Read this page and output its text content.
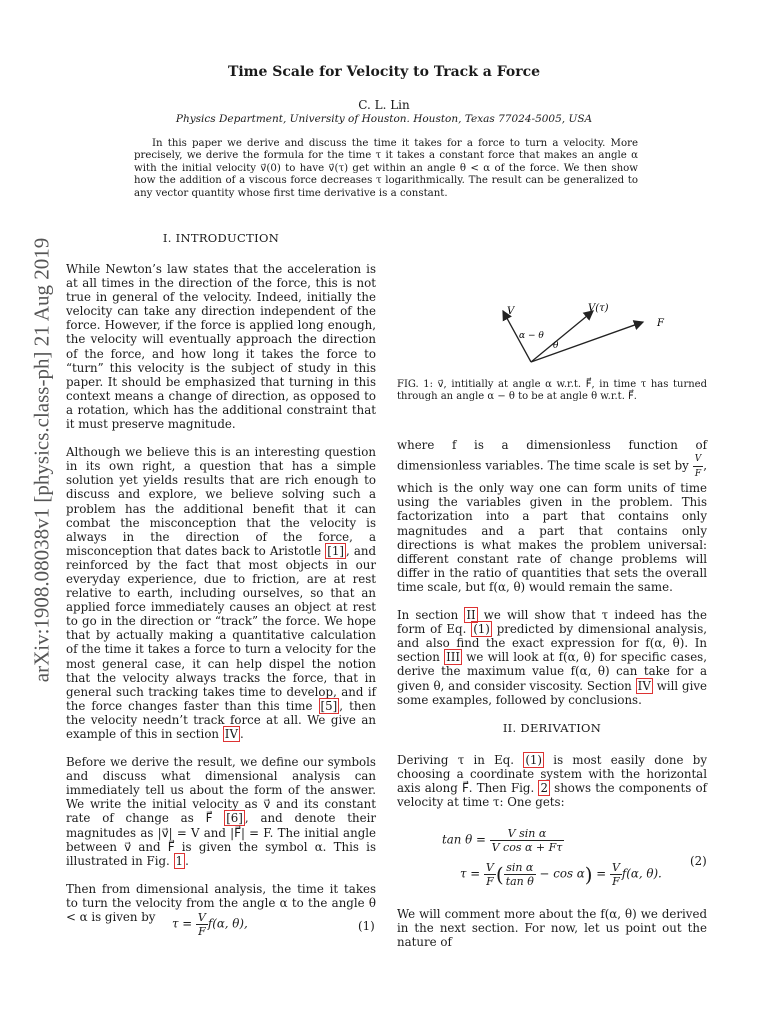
arXiv:1908.08038v1 [physics.class-ph] 21 Aug 2019
Time Scale for Velocity to Track a Force
C. L. Lin
Physics Department, University of Houston. Houston, Texas 77024-5005, USA
In this paper we derive and discuss the time it takes for a force to turn a velocity. More precisely, we derive the formula for the time τ it takes a constant force that makes an angle α with the initial velocity v⃗(0) to have v⃗(τ) get within an angle θ < α of the force. We then show how the addition of a viscous force decreases τ logarithmically. The result can be generalized to any vector quantity whose first time derivative is a constant.
I. INTRODUCTION

While Newton’s law states that the acceleration is at all times in the direction of the force, this is not true in general of the velocity. Indeed, initially the velocity can take any direction independent of the force. However, if the force is applied long enough, the velocity will eventually approach the direction of the force, and how long it takes the force to “turn” this velocity is the subject of study in this paper. It should be emphasized that turning in this context means a change of direction, as opposed to a rotation, which has the additional constraint that it must preserve magnitude.

Although we believe this is an interesting question in its own right, a question that has a simple solution yet yields results that are rich enough to discuss and explore, we believe solving such a problem has the additional benefit that it can combat the misconception that the velocity is always in the direction of the force, a misconception that dates back to Aristotle [1] , and reinforced by the fact that most objects in our everyday experience, due to friction, are at rest relative to earth, including ourselves, so that an applied force immediately causes an object at rest to go in the direction or “track” the force. We hope that by actually making a quantitative calculation of the time it takes a force to turn a velocity for the most general case, it can help dispel the notion that the velocity always tracks the force, that in general such tracking takes time to develop, and if the force changes faster than this time [5] , then the velocity needn’t track force at all. We give an example of this in section IV .

Before we derive the result, we define our symbols and discuss what dimensional analysis can immediately tell us about the form of the answer. We write the initial velocity as v⃗ and its constant rate of change as F⃗ [6] , and denote their magnitudes as |v⃗| = V and |F⃗| = F. The initial angle between v⃗ and F⃗ is given the symbol α. This is illustrated in Fig. 1 .

Then from dimensional analysis, the time it takes to turn the velocity from the angle α to the angle θ < α is given by	$\tau = \frac{V}{F} f(\alpha$, θ),	(1)
V	V(τ)
F
α − θ
θ
FIG. 1: v⃗, intitially at angle α w.r.t. F⃗, in time τ has turned through an angle α − θ to be at angle θ w.r.t. F⃗.

where f is a dimensionless function of dimensionless variables. The time scale is set by $\frac{V}{F}$ , which is the only way one can form units of time using the variables given in the problem. This factorization into a part that contains only magnitudes and a part that contains only directions is what makes the problem universal: different constant rate of change problems will differ in the ratio of quantities that sets the overall time scale, but f(α, θ) would remain the same.

In section II we will show that τ indeed has the form of Eq. (1) predicted by dimensional analysis, and also find the exact expression for f(α, θ). In section III we will look at f(α, θ) for specific cases, derive the maximum value f(α, θ) can take for a given θ, and consider viscosity. Section IV will give some examples, followed by conclusions.

II. DERIVATION

Deriving τ in Eq. (1) is most easily done by choosing a coordinate system with the horizontal axis along F⃗. Then Fig. 2 shows the components of velocity at time τ: One gets:

$\tan \theta = \frac{\text{V sin α}}{\text{V cos α + Fτ}}$
$\tau = \frac{V}{F}$ ( $\frac{\text{sin α}}{\text{tan θ}} - \cos \alpha) = \frac{V}{F} f(\alpha$, θ).
(2)

We will comment more about the f(α, θ) we derived in the next section. For now, let us point out the nature of
